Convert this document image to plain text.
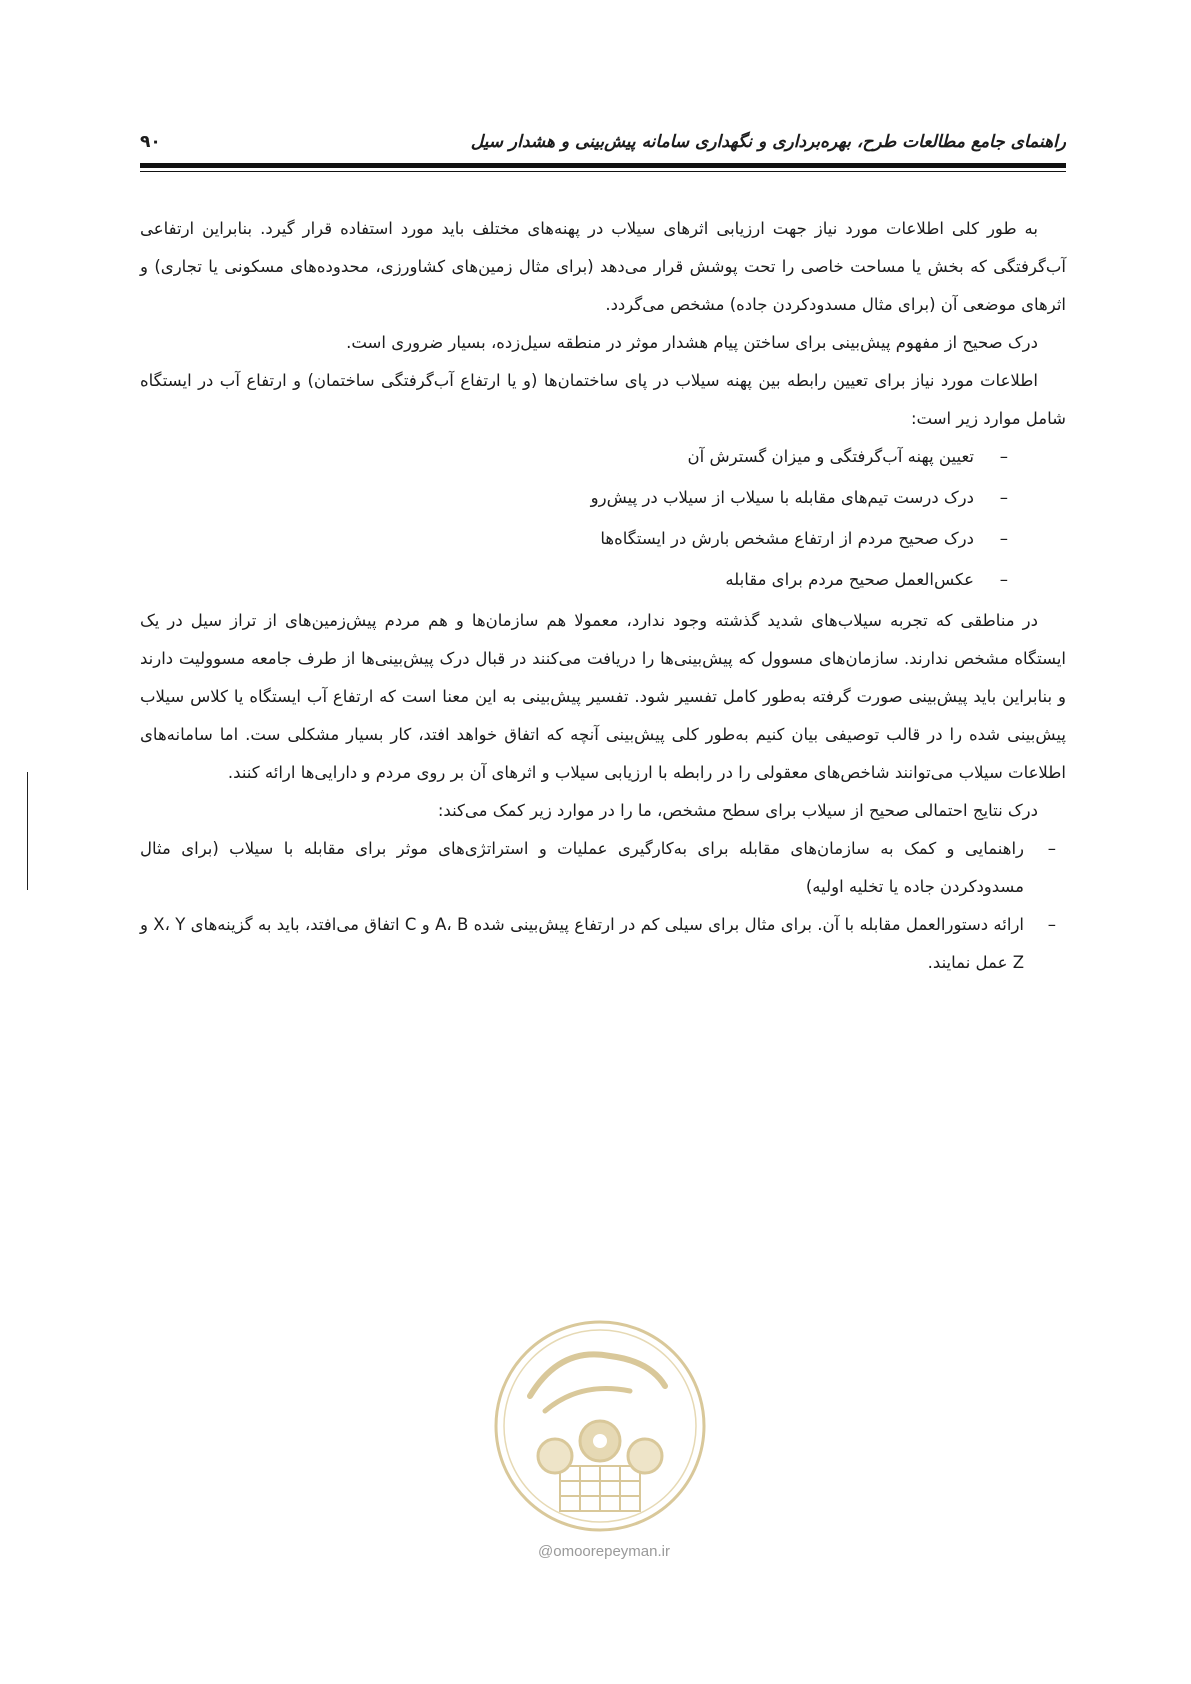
راهنمای جامع مطالعات طرح، بهره‌برداری و نگهداری سامانه پیش‌بینی و هشدار سیل
۹۰

به طور کلی اطلاعات مورد نیاز جهت ارزیابی اثرهای سیلاب در پهنه‌های مختلف باید مورد استفاده قرار گیرد. بنابراین ارتفاعی آب‌گرفتگی که بخش یا مساحت خاصی را تحت پوشش قرار می‌دهد (برای مثال زمین‌های کشاورزی، محدوده‌های مسکونی یا تجاری) و اثرهای موضعی آن (برای مثال مسدودکردن جاده) مشخص می‌گردد.

درک صحیح از مفهوم پیش‌بینی برای ساختن پیام هشدار موثر در منطقه سیل‌زده، بسیار ضروری است.

اطلاعات مورد نیاز برای تعیین رابطه بین پهنه سیلاب در پای ساختمان‌ها (و یا ارتفاع آب‌گرفتگی ساختمان) و ارتفاع آب در ایستگاه شامل موارد زیر است:

–
تعیین پهنه آب‌گرفتگی و میزان گسترش آن
–
درک درست تیم‌های مقابله با سیلاب از سیلاب در پیش‌رو
–
درک صحیح مردم از ارتفاع مشخص بارش در ایستگاه‌ها
–
عکس‌العمل صحیح مردم برای مقابله

در مناطقی که تجربه سیلاب‌های شدید گذشته وجود ندارد، معمولا هم سازمان‌ها و هم مردم پیش‌زمین‌های از تراز سیل در یک ایستگاه مشخص ندارند. سازمان‌های مسوول که پیش‌بینی‌ها را دریافت می‌کنند در قبال درک پیش‌بینی‌ها از طرف جامعه مسوولیت دارند و بنابراین باید پیش‌بینی صورت گرفته به‌طور کامل تفسیر شود. تفسیر پیش‌بینی به این معنا است که ارتفاع آب ایستگاه یا کلاس سیلاب پیش‌بینی شده را در قالب توصیفی بیان کنیم به‌طور کلی پیش‌بینی آنچه که اتفاق خواهد افتد، کار بسیار مشکلی ست. اما سامانه‌های اطلاعات سیلاب می‌توانند شاخص‌های معقولی را در رابطه با ارزیابی سیلاب و اثرهای آن بر روی مردم و دارایی‌ها ارائه کنند.

درک نتایج احتمالی صحیح از سیلاب برای سطح مشخص، ما را در موارد زیر کمک می‌کند:

–
راهنمایی و کمک به سازمان‌های مقابله برای به‌کارگیری عملیات و استراتژی‌های موثر برای مقابله با سیلاب (برای مثال مسدودکردن جاده یا تخلیه اولیه)
–
ارائه دستورالعمل مقابله با آن. برای مثال برای سیلی کم در ارتفاع پیش‌بینی شده A، B و C اتفاق می‌افتد، باید به گزینه‌های X، Y و Z عمل نمایند.
@omoorepeyman.ir
